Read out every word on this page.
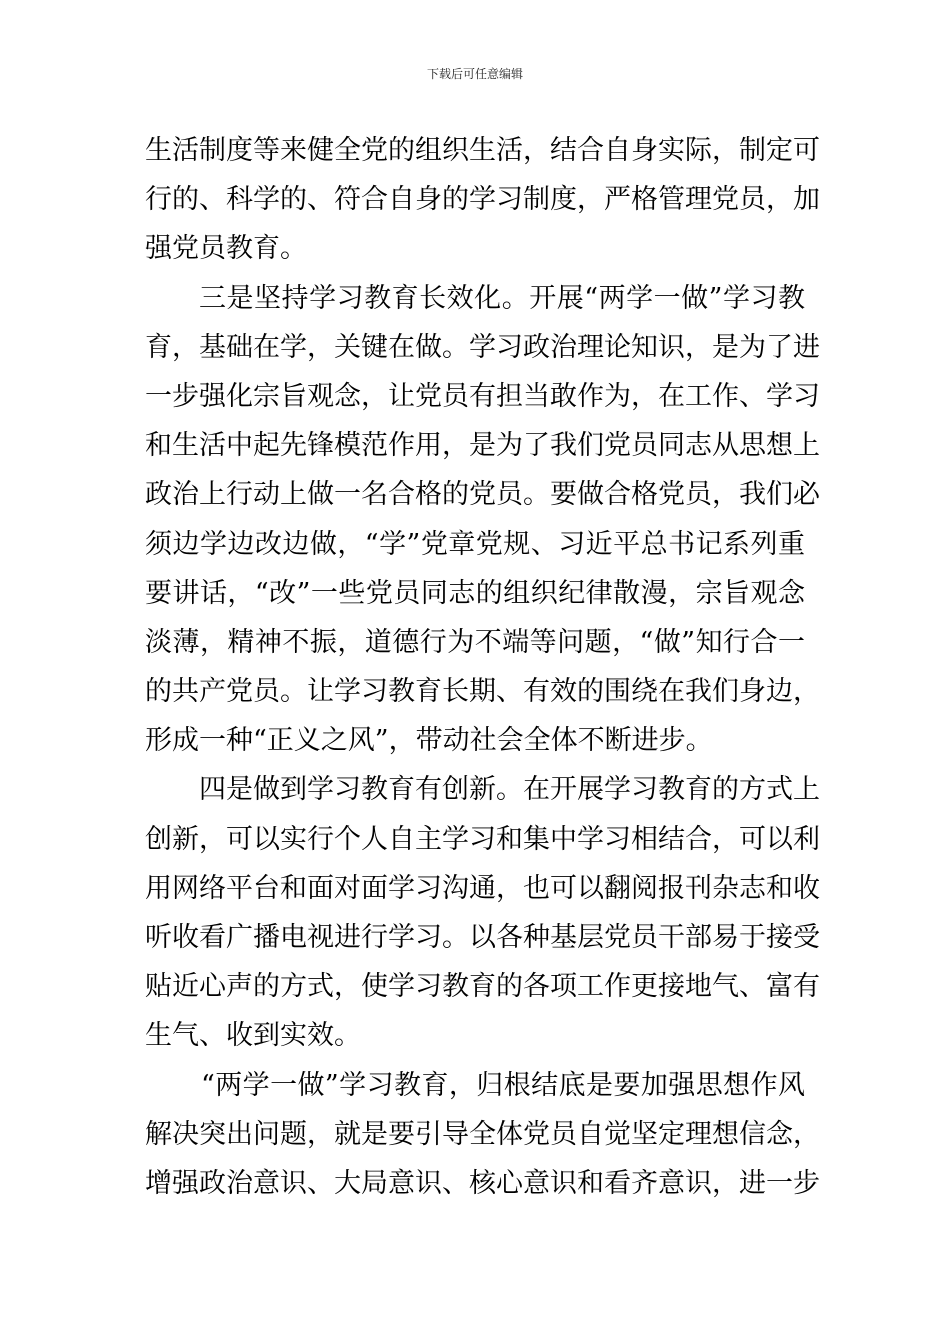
下载后可任意编辑
生活制度等来健全党的组织生活，结合自身实际，制定可
行的、科学的、符合自身的学习制度，严格管理党员，加
强党员教育。
三是坚持学习教育长效化。开展“两学一做”学习教
育，基础在学，关键在做。学习政治理论知识，是为了进
一步强化宗旨观念，让党员有担当敢作为，在工作、学习
和生活中起先锋模范作用，是为了我们党员同志从思想上
政治上行动上做一名合格的党员。要做合格党员，我们必
须边学边改边做，“学”党章党规、习近平总书记系列重
要讲话，“改”一些党员同志的组织纪律散漫，宗旨观念
淡薄，精神不振，道德行为不端等问题，“做”知行合一
的共产党员。让学习教育长期、有效的围绕在我们身边，
形成一种“正义之风”，带动社会全体不断进步。
四是做到学习教育有创新。在开展学习教育的方式上
创新，可以实行个人自主学习和集中学习相结合，可以利
用网络平台和面对面学习沟通，也可以翻阅报刊杂志和收
听收看广播电视进行学习。以各种基层党员干部易于接受
贴近心声的方式，使学习教育的各项工作更接地气、富有
生气、收到实效。
“两学一做”学习教育，归根结底是要加强思想作风
解决突出问题，就是要引导全体党员自觉坚定理想信念，
增强政治意识、大局意识、核心意识和看齐意识，进一步
